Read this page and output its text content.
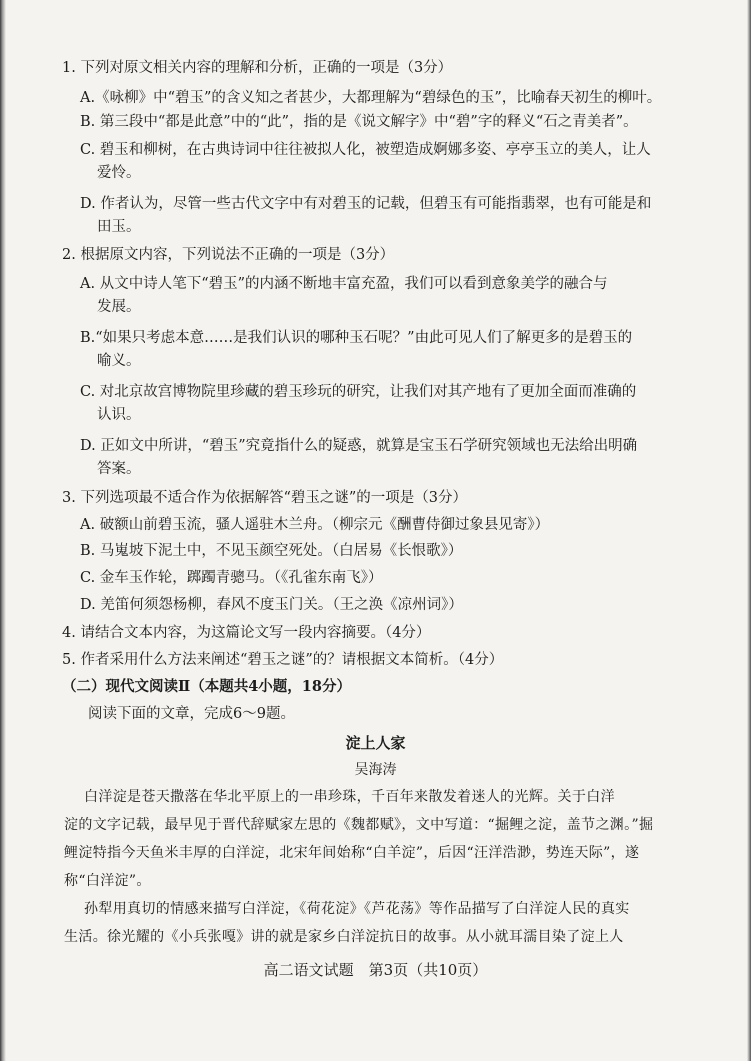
1. 下列对原文相关内容的理解和分析，正确的一项是（3分）
A.《咏柳》中“碧玉”的含义知之者甚少，大都理解为“碧绿色的玉”，比喻春天初生的柳叶。
B. 第三段中“都是此意”中的“此”，指的是《说文解字》中“碧”字的释义“石之青美者”。
C. 碧玉和柳树，在古典诗词中往往被拟人化，被塑造成婀娜多姿、亭亭玉立的美人，让人
爱怜。
D. 作者认为，尽管一些古代文字中有对碧玉的记载，但碧玉有可能指翡翠，也有可能是和
田玉。
2. 根据原文内容，下列说法不正确的一项是（3分）
A. 从文中诗人笔下“碧玉”的内涵不断地丰富充盈，我们可以看到意象美学的融合与
发展。
B.“如果只考虑本意……是我们认识的哪种玉石呢？”由此可见人们了解更多的是碧玉的
喻义。
C. 对北京故宫博物院里珍藏的碧玉珍玩的研究，让我们对其产地有了更加全面而准确的
认识。
D. 正如文中所讲，“碧玉”究竟指什么的疑惑，就算是宝玉石学研究领域也无法给出明确
答案。
3. 下列选项最不适合作为依据解答“碧玉之谜”的一项是（3分）
A. 破额山前碧玉流，骚人遥驻木兰舟。（柳宗元《酬曹侍御过象县见寄》）
B. 马嵬坡下泥土中，不见玉颜空死处。（白居易《长恨歌》）
C. 金车玉作轮，踯躅青骢马。（《孔雀东南飞》）
D. 羌笛何须怨杨柳，春风不度玉门关。（王之涣《凉州词》）
4. 请结合文本内容，为这篇论文写一段内容摘要。（4分）
5. 作者采用什么方法来阐述“碧玉之谜”的？请根据文本简析。（4分）
（二）现代文阅读Ⅱ（本题共4小题，18分）
阅读下面的文章，完成6～9题。
淀上人家
吴海涛
白洋淀是苍天撒落在华北平原上的一串珍珠，千百年来散发着迷人的光辉。关于白洋
淀的文字记载，最早见于晋代辞赋家左思的《魏都赋》，文中写道：“掘鲤之淀，盖节之渊。”掘
鲤淀特指今天鱼米丰厚的白洋淀，北宋年间始称“白羊淀”，后因“汪洋浩渺，势连天际”，遂
称“白洋淀”。
孙犁用真切的情感来描写白洋淀，《荷花淀》《芦花荡》等作品描写了白洋淀人民的真实
生活。徐光耀的《小兵张嘎》讲的就是家乡白洋淀抗日的故事。从小就耳濡目染了淀上人
高二语文试题　第3页（共10页）
